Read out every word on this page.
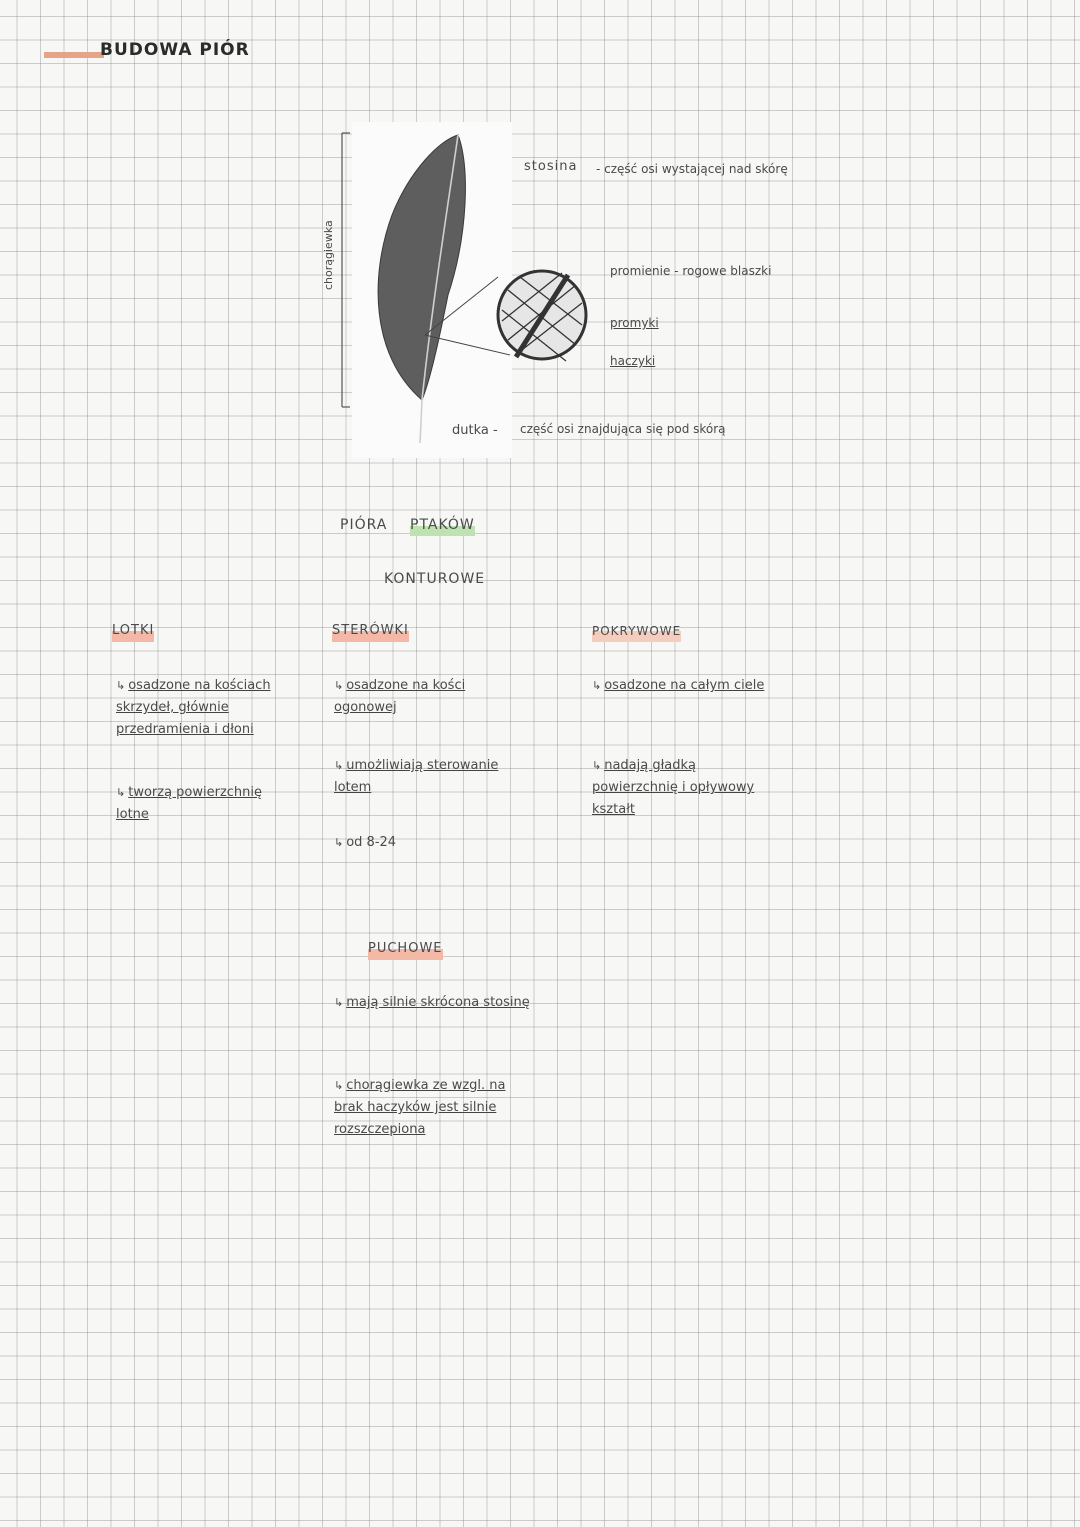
BUDOWA PIÓR
chorągiewka
stosina - część osi wystającej nad skórę
promienie - rogowe blaszki
promyki
haczyki
dutka - część osi znajdująca się pod skórą
PIÓRA PTAKÓW
KONTUROWE
LOTKI
↳ osadzone na kościach skrzydeł, głównie przedramienia i dłoni
↳ tworzą powierzchnię lotne
STERÓWKI
↳ osadzone na kości ogonowej
↳ umożliwiają sterowanie lotem
↳ od 8-24
POKRYWOWE
↳ osadzone na całym ciele
↳ nadają gładką powierzchnię i opływowy kształt
PUCHOWE
↳ mają silnie skrócona stosinę
↳ chorągiewka ze wzgl. na brak haczyków jest silnie rozszczepiona
